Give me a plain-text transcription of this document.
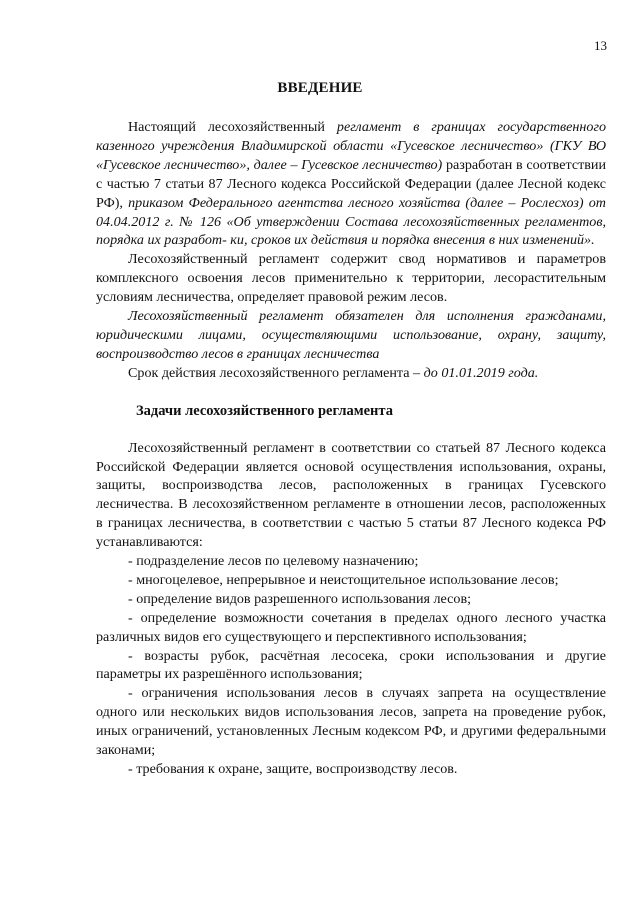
13
ВВЕДЕНИЕ

Настоящий лесохозяйственный регламент в границах государственного казенного учреждения Владимирской области «Гусевское лесничество» (ГКУ ВО «Гусевское лесничество», далее – Гусевское лесничество) разработан в соответствии с частью 7 статьи 87 Лесного кодекса Российской Федерации (далее Лесной кодекс РФ), приказом Федерального агентства лесного хозяйства (далее – Рослесхоз) от 04.04.2012 г. № 126 «Об утверждении Состава лесохозяйственных регламентов, порядка их разработ- ки, сроков их действия и порядка внесения в них изменений».

Лесохозяйственный регламент содержит свод нормативов и параметров комплексного освоения лесов применительно к территории, лесорастительным условиям лесничества, определяет правовой режим лесов.

Лесохозяйственный регламент обязателен для исполнения гражданами, юридическими лицами, осуществляющими использование, охрану, защиту, воспроизводство лесов в границах лесничества

Срок действия лесохозяйственного регламента – до 01.01.2019 года.

Задачи лесохозяйственного регламента

Лесохозяйственный регламент в соответствии со статьей 87 Лесного кодекса Российской Федерации является основой осуществления использования, охраны, защиты, воспроизводства лесов, расположенных в границах Гусевского лесничества. В лесохозяйственном регламенте в отношении лесов, расположенных в границах лесничества, в соответствии с частью 5 статьи 87 Лесного кодекса РФ устанавливаются:

- подразделение лесов по целевому назначению;

- многоцелевое, непрерывное и неистощительное использование лесов;

- определение видов разрешенного использования лесов;

- определение возможности сочетания в пределах одного лесного участка различных видов его существующего и перспективного использования;

- возрасты рубок, расчётная лесосека, сроки использования и другие параметры их разрешённого использования;

- ограничения использования лесов в случаях запрета на осуществление одного или нескольких видов использования лесов, запрета на проведение рубок, иных ограничений, установленных Лесным кодексом РФ, и другими федеральными законами;

- требования к охране, защите, воспроизводству лесов.
